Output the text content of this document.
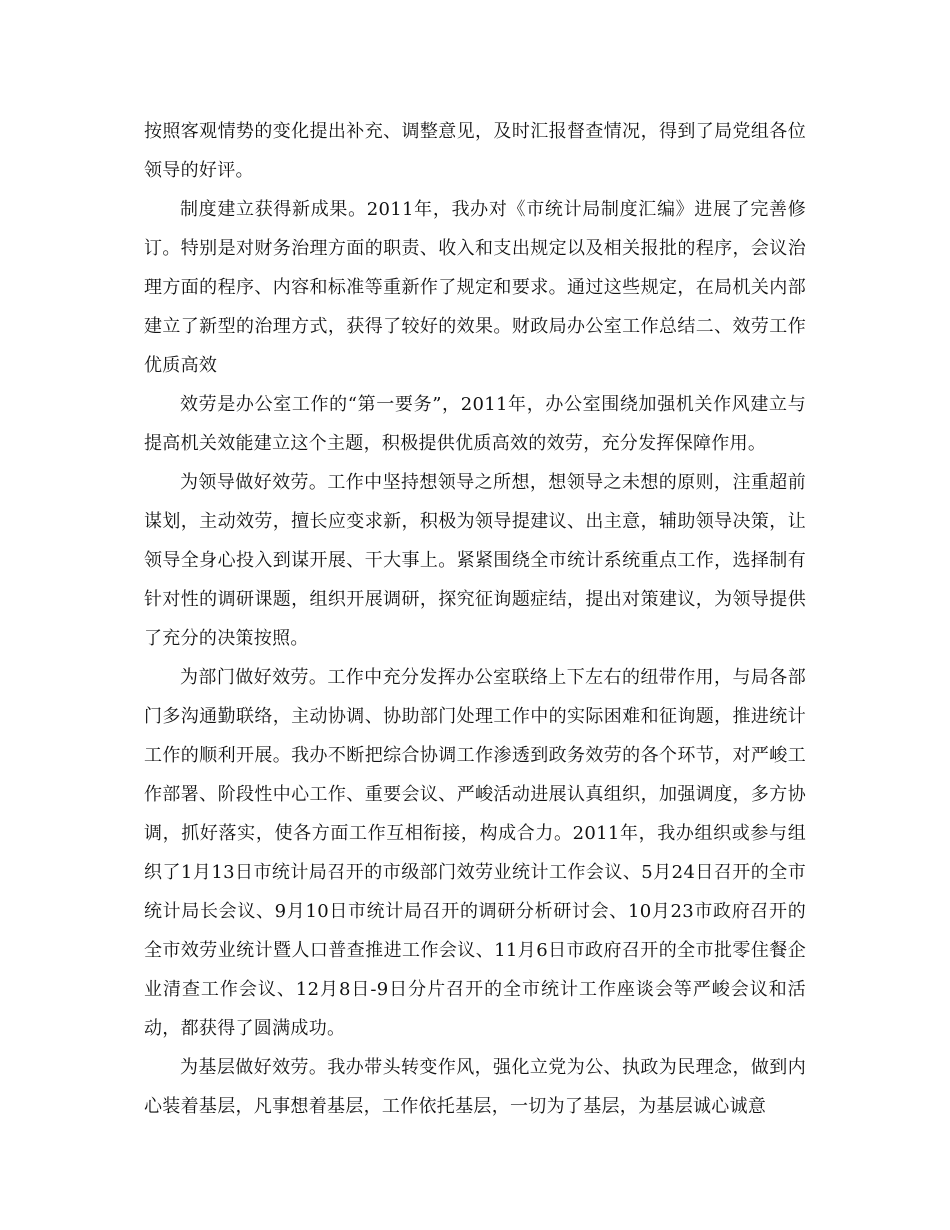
按照客观情势的变化提出补充、调整意见，及时汇报督查情况，得到了局党组各位领导的好评。

制度建立获得新成果。2011年，我办对《市统计局制度汇编》进展了完善修订。特别是对财务治理方面的职责、收入和支出规定以及相关报批的程序，会议治理方面的程序、内容和标准等重新作了规定和要求。通过这些规定，在局机关内部建立了新型的治理方式，获得了较好的效果。财政局办公室工作总结二、效劳工作优质高效

效劳是办公室工作的“第一要务”，2011年，办公室围绕加强机关作风建立与提高机关效能建立这个主题，积极提供优质高效的效劳，充分发挥保障作用。

为领导做好效劳。工作中坚持想领导之所想，想领导之未想的原则，注重超前谋划，主动效劳，擅长应变求新，积极为领导提建议、出主意，辅助领导决策，让领导全身心投入到谋开展、干大事上。紧紧围绕全市统计系统重点工作，选择制有针对性的调研课题，组织开展调研，探究征询题症结，提出对策建议，为领导提供了充分的决策按照。

为部门做好效劳。工作中充分发挥办公室联络上下左右的纽带作用，与局各部门多沟通勤联络，主动协调、协助部门处理工作中的实际困难和征询题，推进统计工作的顺利开展。我办不断把综合协调工作渗透到政务效劳的各个环节，对严峻工作部署、阶段性中心工作、重要会议、严峻活动进展认真组织，加强调度，多方协调，抓好落实，使各方面工作互相衔接，构成合力。2011年，我办组织或参与组织了1月13日市统计局召开的市级部门效劳业统计工作会议、5月24日召开的全市统计局长会议、9月10日市统计局召开的调研分析研讨会、10月23市政府召开的全市效劳业统计暨人口普查推进工作会议、11月6日市政府召开的全市批零住餐企业清查工作会议、12月8日-9日分片召开的全市统计工作座谈会等严峻会议和活动，都获得了圆满成功。

为基层做好效劳。我办带头转变作风，强化立党为公、执政为民理念，做到内心装着基层，凡事想着基层，工作依托基层，一切为了基层，为基层诚心诚意
